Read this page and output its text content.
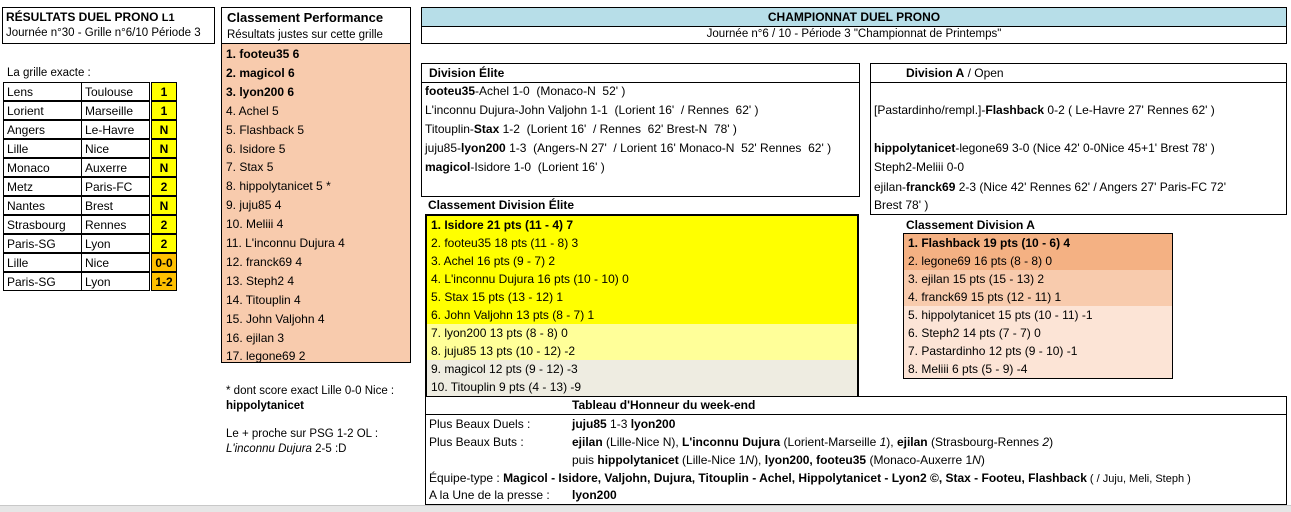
RÉSULTATS DUEL PRONO L1
Journée n°30 - Grille n°6/10 Période 3
La grille exacte :
Lens	Toulouse	1
Lorient	Marseille	1
Angers	Le-Havre	N
Lille	Nice	N
Monaco	Auxerre	N
Metz	Paris-FC	2
Nantes	Brest	N
Strasbourg	Rennes	2
Paris-SG	Lyon	2
Lille	Nice	0-0
Paris-SG	Lyon	1-2
Classement Performance
Résultats justes sur cette grille
1. footeu35 6
2. magicol 6
3. lyon200 6
4. Achel 5
5. Flashback 5
6. Isidore 5
7. Stax 5
8. hippolytanicet 5 *
9. juju85 4
10. Meliii 4
11. L'inconnu Dujura 4
12. franck69 4
13. Steph2 4
14. Titouplin 4
15. John Valjohn 4
16. ejilan 3
17. legone69 2
* dont score exact Lille 0-0 Nice :
hippolytanicet
Le + proche sur PSG 1-2 OL :
L'inconnu Dujura 2-5 :D
CHAMPIONNAT DUEL PRONO
Journée n°6 / 10 - Période 3 "Championnat de Printemps"
Division Élite
footeu35-Achel 1-0  (Monaco-N  52' )
L'inconnu Dujura-John Valjohn 1-1  (Lorient 16'  / Rennes  62' )
Titouplin-Stax 1-2  (Lorient 16'  / Rennes  62' Brest-N  78' )
juju85-lyon200 1-3  (Angers-N 27'  / Lorient 16' Monaco-N  52' Rennes  62' )
magicol-Isidore 1-0  (Lorient 16' )
Division A / Open
[Pastardinho/rempl.]-Flashback 0-2 ( Le-Havre 27' Rennes 62' )
hippolytanicet-legone69 3-0 (Nice 42' 0-0Nice 45+1' Brest 78' )
Steph2-Meliii 0-0
ejilan-franck69 2-3 (Nice 42' Rennes 62' / Angers 27' Paris-FC 72'
Brest 78' )
Classement Division Élite
1. Isidore 21 pts (11 - 4) 7
2. footeu35 18 pts (11 - 8) 3
3. Achel 16 pts (9 - 7) 2
4. L'inconnu Dujura 16 pts (10 - 10) 0
5. Stax 15 pts (13 - 12) 1
6. John Valjohn 13 pts (8 - 7) 1
7. lyon200 13 pts (8 - 8) 0
8. juju85 13 pts (10 - 12) -2
9. magicol 12 pts (9 - 12) -3
10. Titouplin 9 pts (4 - 13) -9
Classement Division A
1. Flashback 19 pts (10 - 6) 4
2. legone69 16 pts (8 - 8) 0
3. ejilan 15 pts (15 - 13) 2
4. franck69 15 pts (12 - 11) 1
5. hippolytanicet 15 pts (10 - 11) -1
6. Steph2 14 pts (7 - 7) 0
7. Pastardinho 12 pts (9 - 10) -1
8. Meliii 6 pts (5 - 9) -4
Tableau d'Honneur du week-end
Plus Beaux Duels :	juju85 1-3 lyon200
Plus Beaux Buts :	ejilan (Lille-Nice N), L'inconnu Dujura (Lorient-Marseille 1), ejilan (Strasbourg-Rennes 2)
puis hippolytanicet (Lille-Nice 1N), lyon200, footeu35 (Monaco-Auxerre 1N)
Équipe-type : Magicol - Isidore, Valjohn, Dujura, Titouplin - Achel, Hippolytanicet - Lyon2 ©, Stax - Footeu, Flashback ( / Juju, Meli, Steph )
A la Une de la presse : lyon200
